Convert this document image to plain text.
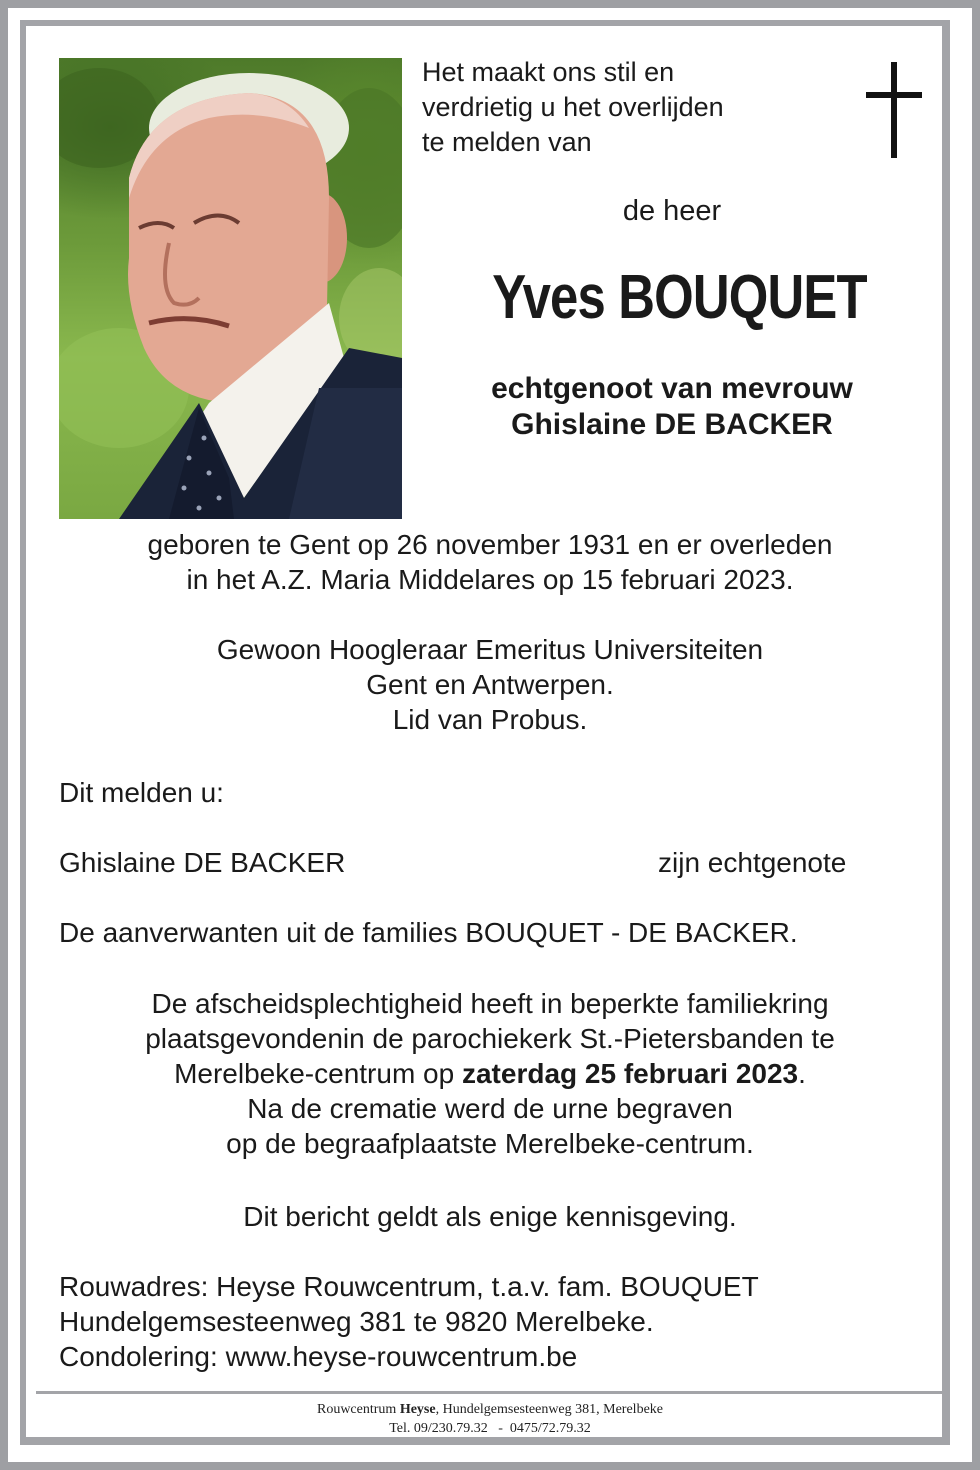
Het maakt ons stil en
verdrietig u het overlijden
te melden van
de heer
Yves BOUQUET
echtgenoot van mevrouw
Ghislaine DE BACKER
geboren te Gent op 26 november 1931 en er overleden
in het A.Z. Maria Middelares op 15 februari 2023.
Gewoon Hoogleraar Emeritus Universiteiten
Gent en Antwerpen.
Lid van Probus.
Dit melden u:
Ghislaine DE BACKER	zijn echtgenote
De aanverwanten uit de families BOUQUET - DE BACKER.
De afscheidsplechtigheid heeft in beperkte familiekring
plaatsgevondenin de parochiekerk St.-Pietersbanden te
Merelbeke-centrum op zaterdag 25 februari 2023.
Na de crematie werd de urne begraven
op de begraafplaatste Merelbeke-centrum.
Dit bericht geldt als enige kennisgeving.
Rouwadres: Heyse Rouwcentrum, t.a.v. fam. BOUQUET
Hundelgemsesteenweg 381 te 9820 Merelbeke.
Condolering: www.heyse-rouwcentrum.be
Rouwcentrum Heyse, Hundelgemsesteenweg 381, Merelbeke
Tel. 09/230.79.32   -  0475/72.79.32
